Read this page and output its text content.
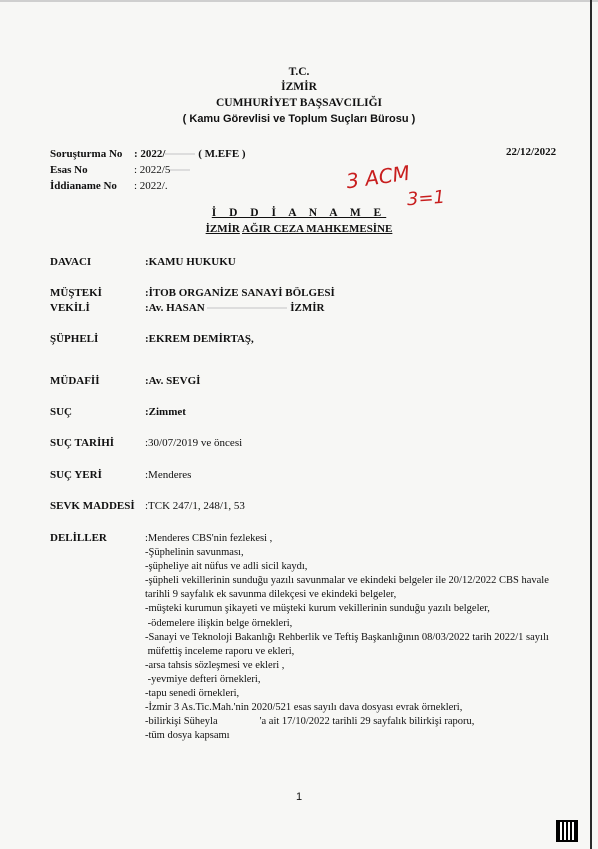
T.C.
İZMİR
CUMHURİYET BAŞSAVCILIĞI
( Kamu Görevlisi ve Toplum Suçları Bürosu )
Soruşturma No	: 2022/	( M.EFE )
Esas No	: 2022/5
İddianame No	: 2022/.
22/12/2022
3 ACM
3=1
İ D D İ A N A M E
İZMİR AĞIR CEZA MAHKEMESİNE
DAVACI	:KAMU HUKUKU
MÜŞTEKİ	:İTOB ORGANİZE SANAYİ BÖLGESİ
VEKİLİ	:Av. HASAN	İZMİR
ŞÜPHELİ	:EKREM DEMİRTAŞ,
MÜDAFİİ	:Av. SEVGİ
SUÇ	:Zimmet
SUÇ TARİHİ	:30/07/2019 ve öncesi
SUÇ YERİ	:Menderes
SEVK MADDESİ :TCK 247/1, 248/1, 53
DELİLLER	:Menderes CBS'nin fezlekesi ,
-Şüphelinin savunması,
-şüpheliye ait nüfus ve adli sicil kaydı,
-şüpheli vekillerinin sunduğu yazılı savunmalar ve ekindeki belgeler ile 20/12/2022 CBS havale
tarihli 9 sayfalık ek savunma dilekçesi ve ekindeki belgeler,
-müşteki kurumun şikayeti ve müşteki kurum vekillerinin sunduğu yazılı belgeler,
-ödemelere ilişkin belge örnekleri,
-Sanayi ve Teknoloji Bakanlığı Rehberlik ve Teftiş Başkanlığının 08/03/2022 tarih 2022/1 sayılı
müfettiş inceleme raporu ve ekleri,
-arsa tahsis sözleşmesi ve ekleri ,
-yevmiye defteri örnekleri,
-tapu senedi örnekleri,
-İzmir 3 As.Tic.Mah.'nin 2020/521 esas sayılı dava dosyası evrak örnekleri,
-bilirkişi Süheyla                'a ait 17/10/2022 tarihli 29 sayfalık bilirkişi raporu,
-tüm dosya kapsamı
1
